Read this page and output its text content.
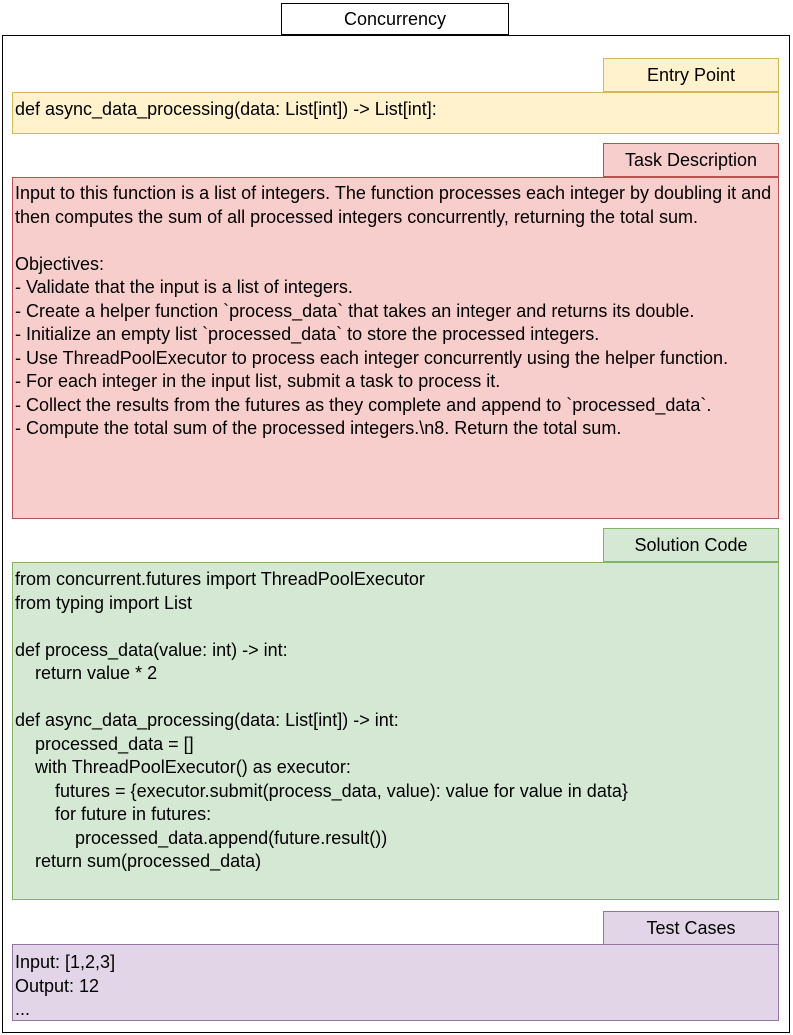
Concurrency
Entry Point
def async_data_processing(data: List[int]) -> List[int]:
Task Description
Input to this function is a list of integers. The function processes each integer by doubling it and then computes the sum of all processed integers concurrently, returning the total sum.

Objectives:
- Validate that the input is a list of integers.
- Create a helper function `process_data` that takes an integer and returns its double.
- Initialize an empty list `processed_data` to store the processed integers.
- Use ThreadPoolExecutor to process each integer concurrently using the helper function.
- For each integer in the input list, submit a task to process it.
- Collect the results from the futures as they complete and append to `processed_data`.
- Compute the total sum of the processed integers.\n8. Return the total sum.
Solution Code
from concurrent.futures import ThreadPoolExecutor
from typing import List

def process_data(value: int) -> int:
return value * 2

def async_data_processing(data: List[int]) -> int:
processed_data = []
with ThreadPoolExecutor() as executor:
futures = {executor.submit(process_data, value): value for value in data}
for future in futures:
processed_data.append(future.result())
return sum(processed_data)
Test Cases
Input: [1,2,3]
Output: 12
...
